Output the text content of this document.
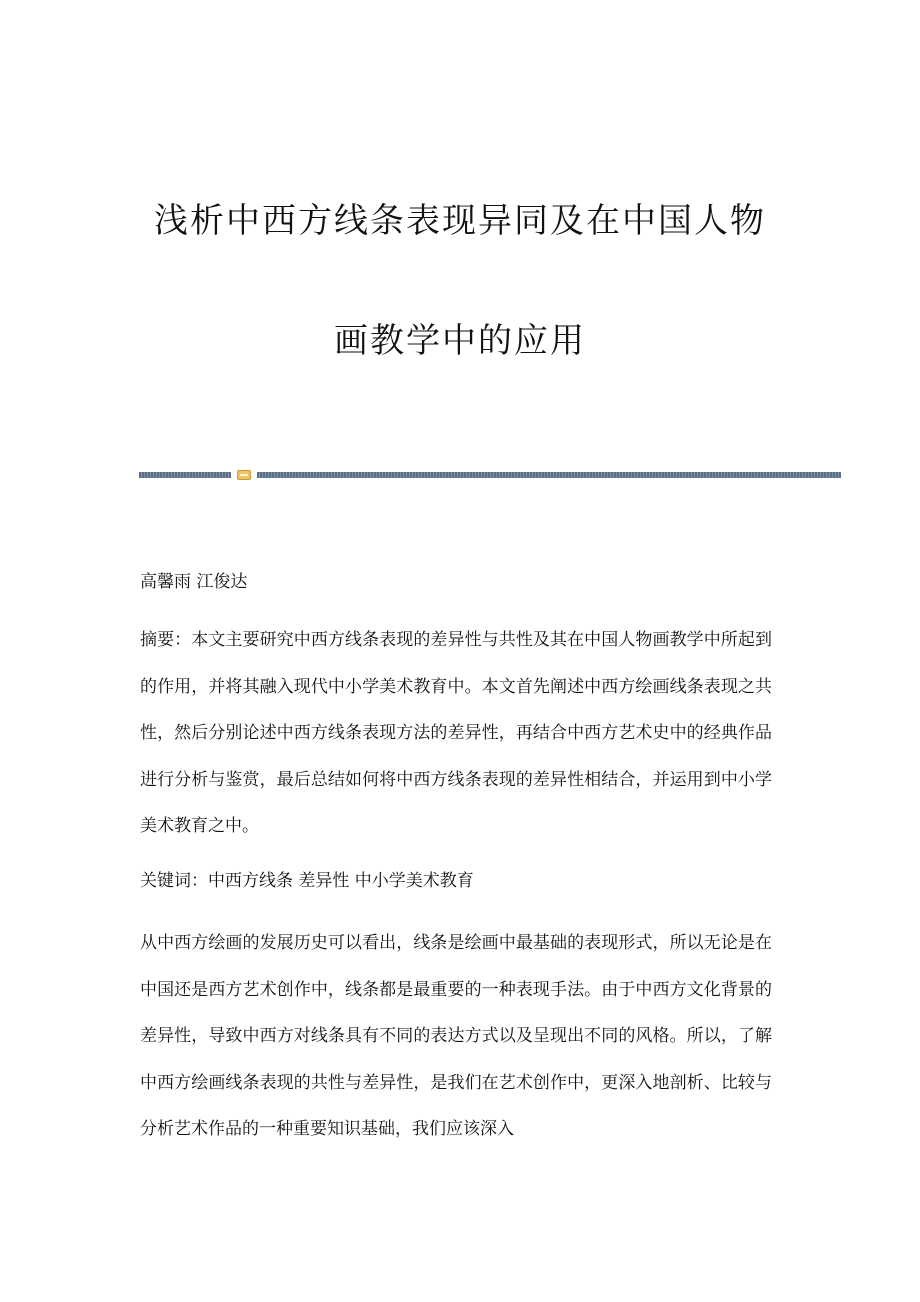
浅析中西方线条表现异同及在中国人物
画教学中的应用
高馨雨 江俊达
摘要：本文主要研究中西方线条表现的差异性与共性及其在中国人物画教学中所起到的作用，并将其融入现代中小学美术教育中。本文首先阐述中西方绘画线条表现之共性，然后分别论述中西方线条表现方法的差异性，再结合中西方艺术史中的经典作品进行分析与鉴赏，最后总结如何将中西方线条表现的差异性相结合，并运用到中小学美术教育之中。
关键词：中西方线条 差异性 中小学美术教育
从中西方绘画的发展历史可以看出，线条是绘画中最基础的表现形式，所以无论是在中国还是西方艺术创作中，线条都是最重要的一种表现手法。由于中西方文化背景的差异性，导致中西方对线条具有不同的表达方式以及呈现出不同的风格。所以，了解中西方绘画线条表现的共性与差异性，是我们在艺术创作中，更深入地剖析、比较与分析艺术作品的一种重要知识基础，我们应该深入
